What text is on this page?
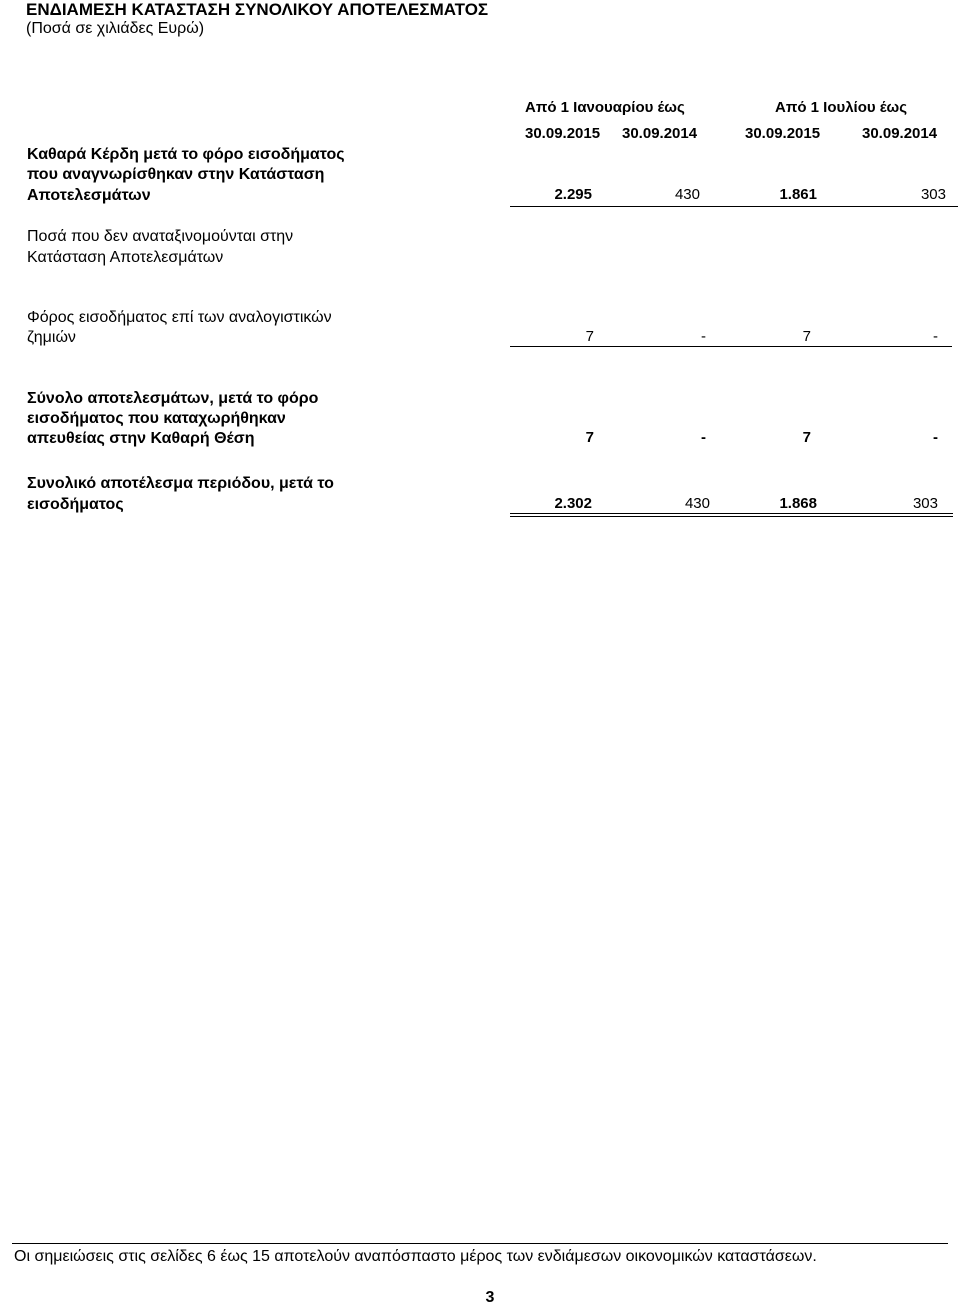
ΕΝΔΙΑΜΕΣΗ ΚΑΤΑΣΤΑΣΗ ΣΥΝΟΛΙΚΟΥ ΑΠΟΤΕΛΕΣΜΑΤΟΣ
(Ποσά σε χιλιάδες Ευρώ)
Από 1 Ιανουαρίου έως	Από 1 Ιουλίου έως
30.09.2015 30.09.2014	30.09.2015	30.09.2014
Καθαρά Κέρδη μετά το φόρο εισοδήματος
που αναγνωρίσθηκαν στην Κατάσταση
Αποτελεσμάτων	2.295	430	1.861	303
Ποσά που δεν αναταξινομούνται στην
Κατάσταση Αποτελεσμάτων
Φόρος εισοδήματος επί των αναλογιστικών
ζημιών	7	-	7	-
Σύνολο αποτελεσμάτων, μετά το φόρο
εισοδήματος που καταχωρήθηκαν
απευθείας στην Καθαρή Θέση	7	-	7	-
Συνολικό αποτέλεσμα περιόδου, μετά το
εισοδήματος	2.302	430	1.868	303
Οι σημειώσεις στις σελίδες 6 έως 15 αποτελούν αναπόσπαστο μέρος των ενδιάμεσων οικονομικών καταστάσεων.
3
